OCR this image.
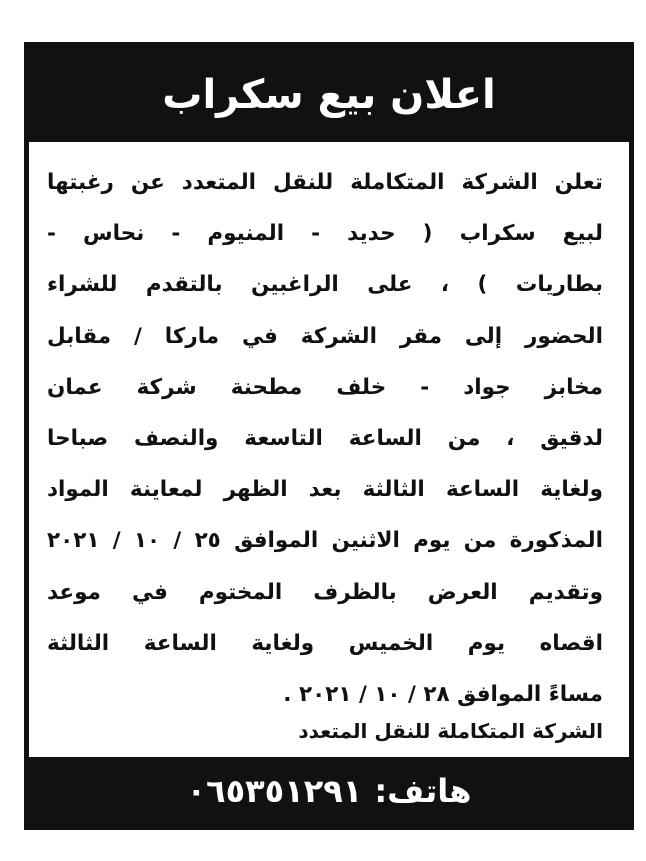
اعلان بيع سكراب
تعلن الشركة المتكاملة للنقل المتعدد عن رغبتها
لبيع سكراب ( حديد - المنيوم - نحاس -
بطاريات ) ، على الراغبين بالتقدم للشراء
الحضور إلى مقر الشركة في ماركا / مقابل
مخابز جواد - خلف مطحنة شركة عمان
لدقيق ، من الساعة التاسعة والنصف صباحا
ولغاية الساعة الثالثة بعد الظهر لمعاينة المواد
المذكورة من يوم الاثنين الموافق ٢٥ / ١٠ / ٢٠٢١
وتقديم العرض بالظرف المختوم في موعد
اقصاه يوم الخميس ولغاية الساعة الثالثة
مساءً الموافق ٢٨ / ١٠ / ٢٠٢١ .
الشركة المتكاملة للنقل المتعدد
هاتف:
٠٦٥٣٥١٢٩١
